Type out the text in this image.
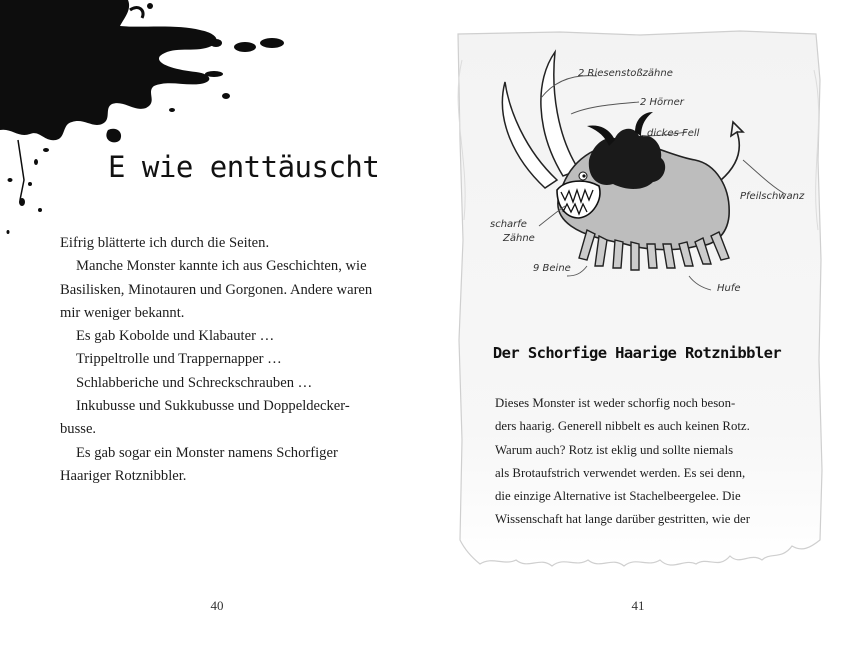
E wie enttäuscht

Eifrig blätterte ich durch die Seiten.

Manche Monster kannte ich aus Geschichten, wie Basilisken, Minotauren und Gorgonen. Andere waren mir weniger bekannt.

Es gab Kobolde und Klabauter …

Trippeltrolle und Trappernapper …

Schlabberiche und Schreckschrauben …

Inkubusse und Sukkubusse und Doppeldecker-busse.

Es gab sogar ein Monster namens Schorfiger Haariger Rotznibbler.

40
2 Riesenstoßzähne
2 Hörner
dickes Fell
Pfeilschwanz
scharfe
Zähne
9 Beine
Hufe
Der Schorfige Haarige Rotznibbler

Dieses Monster ist weder schorfig noch beson-
ders haarig. Generell nibbelt es auch keinen Rotz.
Warum auch? Rotz ist eklig und sollte niemals
als Brotaufstrich verwendet werden. Es sei denn,
die einzige Alternative ist Stachelbeergelee. Die
Wissenschaft hat lange darüber gestritten, wie der

41
